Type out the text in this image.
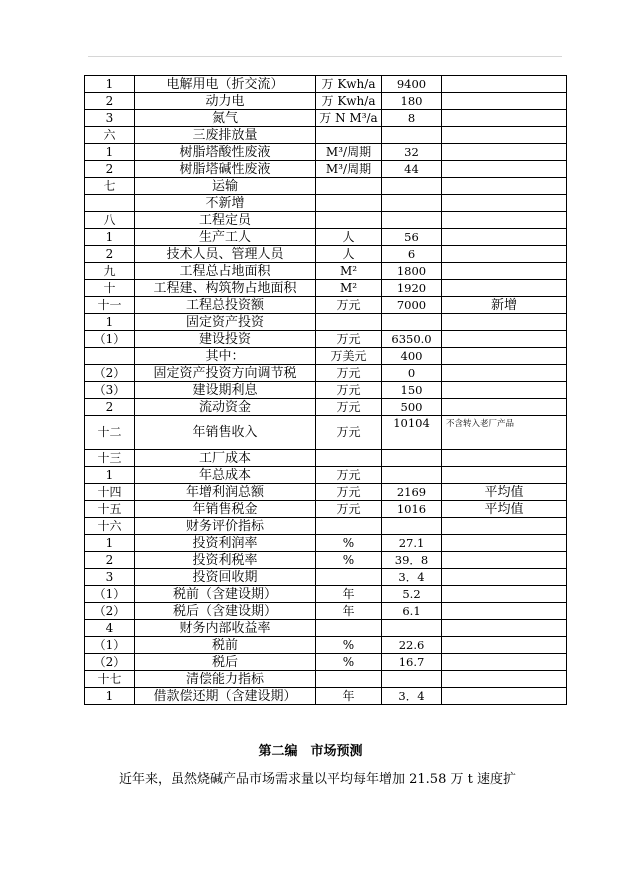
1	电解用电（折交流）	万 Kwh/a	9400	
2	动力电	万 Kwh/a	180	
3	氮气	万 N M³/a	8	
六	三废排放量			
1	树脂塔酸性废液	M³/周期	32	
2	树脂塔碱性废液	M³/周期	44	
七	运输			
	不新增			
八	工程定员			
1	生产工人	人	56	
2	技术人员、管理人员	人	6	
九	工程总占地面积	M²	1800	
十	工程建、构筑物占地面积	M²	1920	
十一	工程总投资额	万元	7000	新增
1	固定资产投资			
（1）	建设投资	万元	6350.0	
	其中：	万美元	400	
（2）	固定资产投资方向调节税	万元	0	
（3）	建设期利息	万元	150	
2	流动资金	万元	500	
十二	年销售收入	万元	10104	不含转入老厂产品
十三	工厂成本			
1	年总成本	万元		
十四	年增利润总额	万元	2169	平均值
十五	年销售税金	万元	1016	平均值
十六	财务评价指标			
1	投资利润率	%	27.1	
2	投资利税率	%	39．8	
3	投资回收期		3．4	
（1）	税前（含建设期）	年	5.2	
（2）	税后（含建设期）	年	6.1	
4	财务内部收益率			
（1）	税前	%	22.6	
（2）	税后	%	16.7	
十七	清偿能力指标			
1	借款偿还期（含建设期）	年	3．4	
第二编　市场预测
近年来，虽然烧碱产品市场需求量以平均每年增加 21.58 万 t 速度扩
